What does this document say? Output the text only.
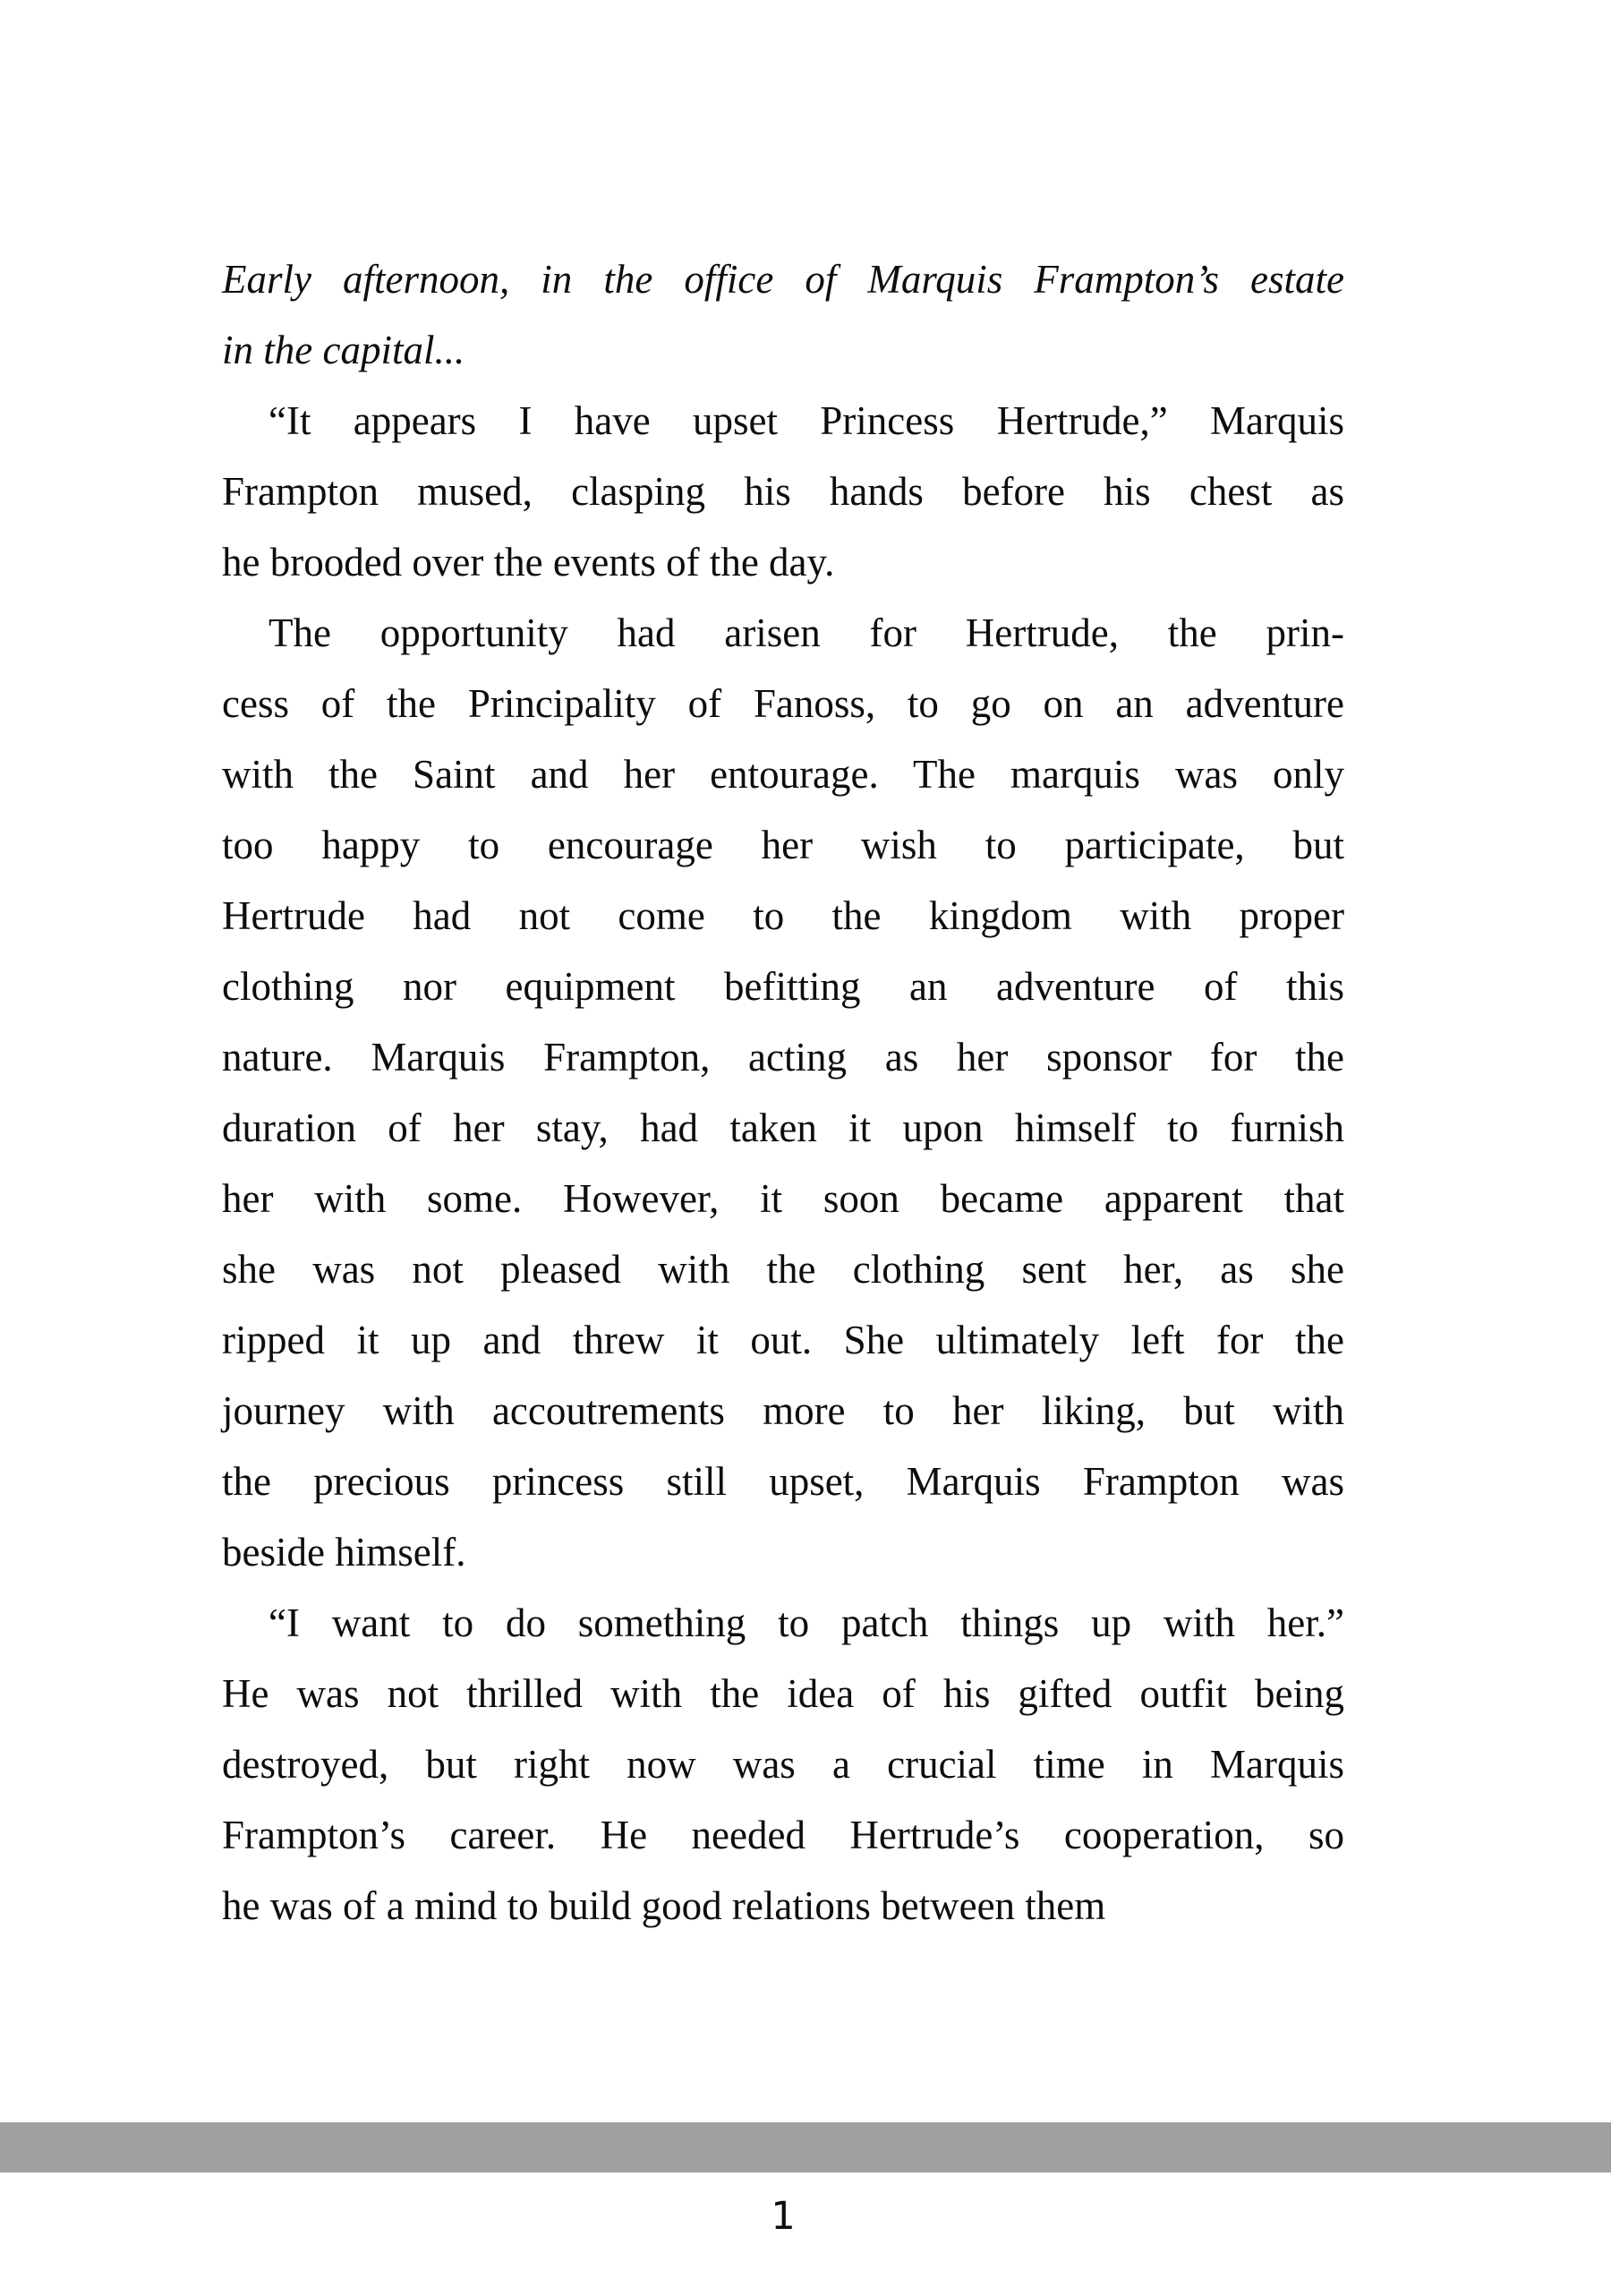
Early afternoon, in the office of Marquis Frampton’s estate
in the capital...
“It appears I have upset Princess Hertrude,” Marquis
Frampton mused, clasping his hands before his chest as
he brooded over the events of the day.
The opportunity had arisen for Hertrude, the prin-
cess of the Principality of Fanoss, to go on an adventure
with the Saint and her entourage. The marquis was only
too happy to encourage her wish to participate, but
Hertrude had not come to the kingdom with proper
clothing nor equipment befitting an adventure of this
nature. Marquis Frampton, acting as her sponsor for the
duration of her stay, had taken it upon himself to furnish
her with some. However, it soon became apparent that
she was not pleased with the clothing sent her, as she
ripped it up and threw it out. She ultimately left for the
journey with accoutrements more to her liking, but with
the precious princess still upset, Marquis Frampton was
beside himself.
“I want to do something to patch things up with her.”
He was not thrilled with the idea of his gifted outfit being
destroyed, but right now was a crucial time in Marquis
Frampton’s career. He needed Hertrude’s cooperation, so
he was of a mind to build good relations between them
1
